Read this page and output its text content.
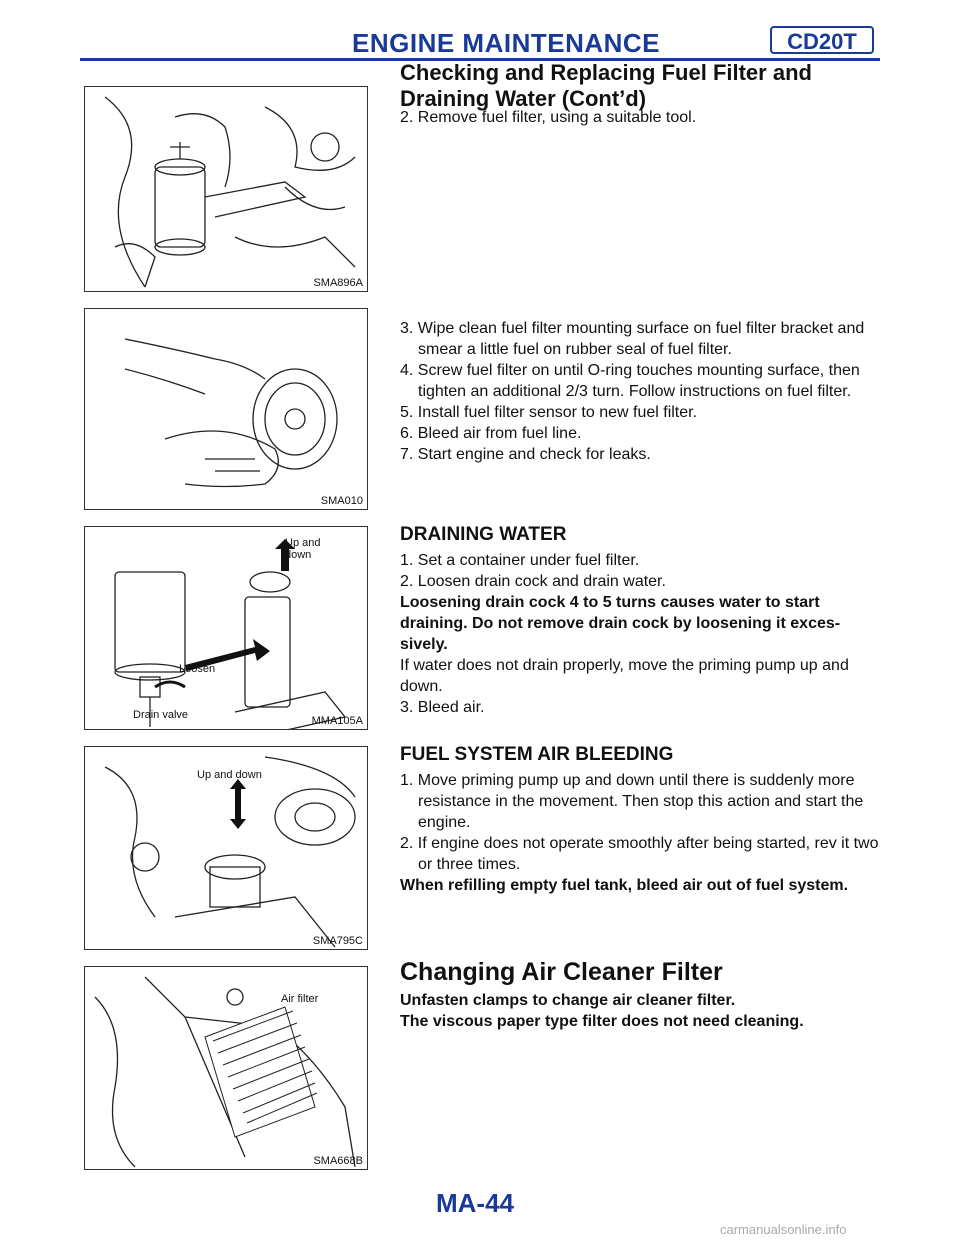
ENGINE MAINTENANCE	CD20T
Checking and Replacing Fuel Filter and
Draining Water (Cont’d)
SMA896A

2. Remove fuel filter, using a suitable tool.

SMA010

3. Wipe clean fuel filter mounting surface on fuel filter bracket and smear a little fuel on rubber seal of fuel filter.

4. Screw fuel filter on until O-ring touches mounting surface, then tighten an additional 2/3 turn. Follow instructions on fuel filter.

5. Install fuel filter sensor to new fuel filter.

6. Bleed air from fuel line.

7. Start engine and check for leaks.

Up and
down
Loosen
Drain valve	MMA105A
DRAINING WATER

1. Set a container under fuel filter.

2. Loosen drain cock and drain water.

Loosening drain cock 4 to 5 turns causes water to start draining. Do not remove drain cock by loosening it exces- sively.

If water does not drain properly, move the priming pump up and down.

3. Bleed air.

Up and down
SMA795C
FUEL SYSTEM AIR BLEEDING

1. Move priming pump up and down until there is suddenly more resistance in the movement. Then stop this action and start the engine.

2. If engine does not operate smoothly after being started, rev it two or three times.

When refilling empty fuel tank, bleed air out of fuel system.

Air filter
SMA668B
Changing Air Cleaner Filter

Unfasten clamps to change air cleaner filter.

The viscous paper type filter does not need cleaning.

MA-44
carmanualsonline.info
